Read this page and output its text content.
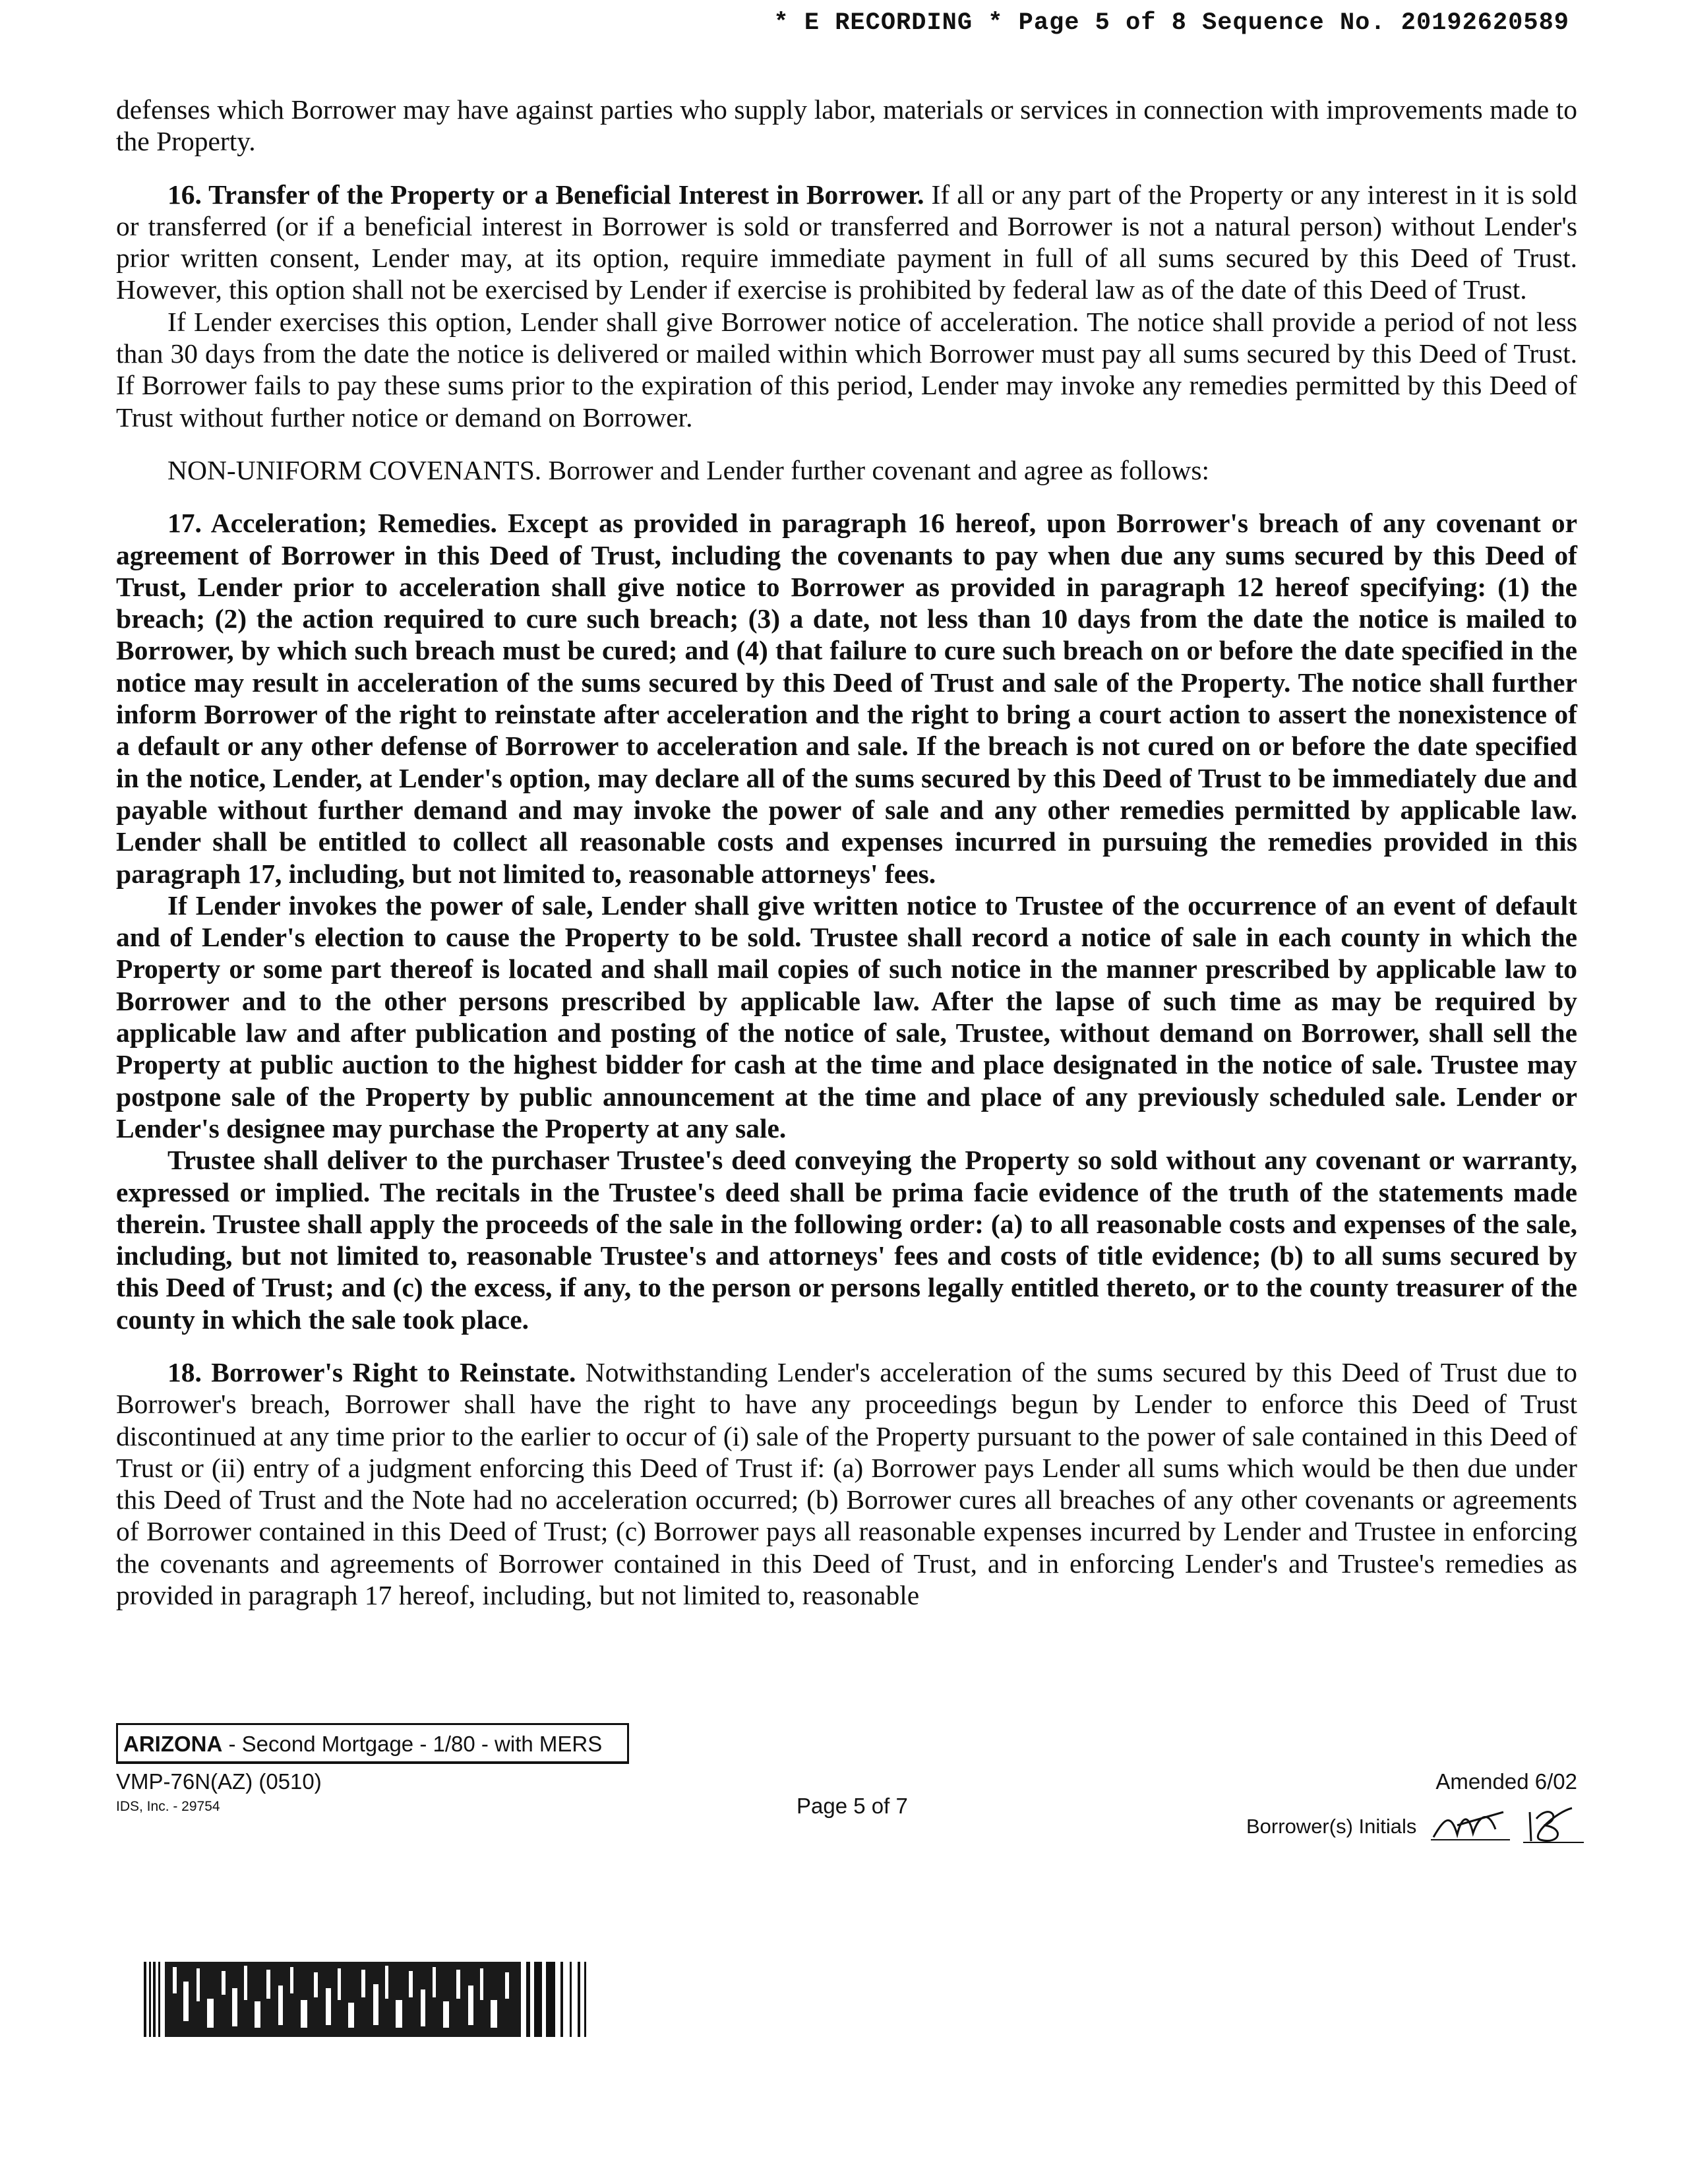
* E RECORDING * Page 5 of 8 Sequence No. 20192620589

defenses which Borrower may have against parties who supply labor, materials or services in connection with improvements made to the Property.

16. Transfer of the Property or a Beneficial Interest in Borrower. If all or any part of the Property or any interest in it is sold or transferred (or if a beneficial interest in Borrower is sold or transferred and Borrower is not a natural person) without Lender's prior written consent, Lender may, at its option, require immediate payment in full of all sums secured by this Deed of Trust. However, this option shall not be exercised by Lender if exercise is prohibited by federal law as of the date of this Deed of Trust.

If Lender exercises this option, Lender shall give Borrower notice of acceleration. The notice shall provide a period of not less than 30 days from the date the notice is delivered or mailed within which Borrower must pay all sums secured by this Deed of Trust. If Borrower fails to pay these sums prior to the expiration of this period, Lender may invoke any remedies permitted by this Deed of Trust without further notice or demand on Borrower.

NON-UNIFORM COVENANTS. Borrower and Lender further covenant and agree as follows:

17. Acceleration; Remedies. Except as provided in paragraph 16 hereof, upon Borrower's breach of any covenant or agreement of Borrower in this Deed of Trust, including the covenants to pay when due any sums secured by this Deed of Trust, Lender prior to acceleration shall give notice to Borrower as provided in paragraph 12 hereof specifying: (1) the breach; (2) the action required to cure such breach; (3) a date, not less than 10 days from the date the notice is mailed to Borrower, by which such breach must be cured; and (4) that failure to cure such breach on or before the date specified in the notice may result in acceleration of the sums secured by this Deed of Trust and sale of the Property. The notice shall further inform Borrower of the right to reinstate after acceleration and the right to bring a court action to assert the nonexistence of a default or any other defense of Borrower to acceleration and sale. If the breach is not cured on or before the date specified in the notice, Lender, at Lender's option, may declare all of the sums secured by this Deed of Trust to be immediately due and payable without further demand and may invoke the power of sale and any other remedies permitted by applicable law. Lender shall be entitled to collect all reasonable costs and expenses incurred in pursuing the remedies provided in this paragraph 17, including, but not limited to, reasonable attorneys' fees.

If Lender invokes the power of sale, Lender shall give written notice to Trustee of the occurrence of an event of default and of Lender's election to cause the Property to be sold. Trustee shall record a notice of sale in each county in which the Property or some part thereof is located and shall mail copies of such notice in the manner prescribed by applicable law to Borrower and to the other persons prescribed by applicable law. After the lapse of such time as may be required by applicable law and after publication and posting of the notice of sale, Trustee, without demand on Borrower, shall sell the Property at public auction to the highest bidder for cash at the time and place designated in the notice of sale. Trustee may postpone sale of the Property by public announcement at the time and place of any previously scheduled sale. Lender or Lender's designee may purchase the Property at any sale.

Trustee shall deliver to the purchaser Trustee's deed conveying the Property so sold without any covenant or warranty, expressed or implied. The recitals in the Trustee's deed shall be prima facie evidence of the truth of the statements made therein. Trustee shall apply the proceeds of the sale in the following order: (a) to all reasonable costs and expenses of the sale, including, but not limited to, reasonable Trustee's and attorneys' fees and costs of title evidence; (b) to all sums secured by this Deed of Trust; and (c) the excess, if any, to the person or persons legally entitled thereto, or to the county treasurer of the county in which the sale took place.

18. Borrower's Right to Reinstate. Notwithstanding Lender's acceleration of the sums secured by this Deed of Trust due to Borrower's breach, Borrower shall have the right to have any proceedings begun by Lender to enforce this Deed of Trust discontinued at any time prior to the earlier to occur of (i) sale of the Property pursuant to the power of sale contained in this Deed of Trust or (ii) entry of a judgment enforcing this Deed of Trust if: (a) Borrower pays Lender all sums which would be then due under this Deed of Trust and the Note had no acceleration occurred; (b) Borrower cures all breaches of any other covenants or agreements of Borrower contained in this Deed of Trust; (c) Borrower pays all reasonable expenses incurred by Lender and Trustee in enforcing the covenants and agreements of Borrower contained in this Deed of Trust, and in enforcing Lender's and Trustee's remedies as provided in paragraph 17 hereof, including, but not limited to, reasonable

ARIZONA - Second Mortgage - 1/80 - with MERS
VMP-76N(AZ) (0510)
IDS, Inc. - 29754	Page 5 of 7
Amended 6/02
Borrower(s) Initials
